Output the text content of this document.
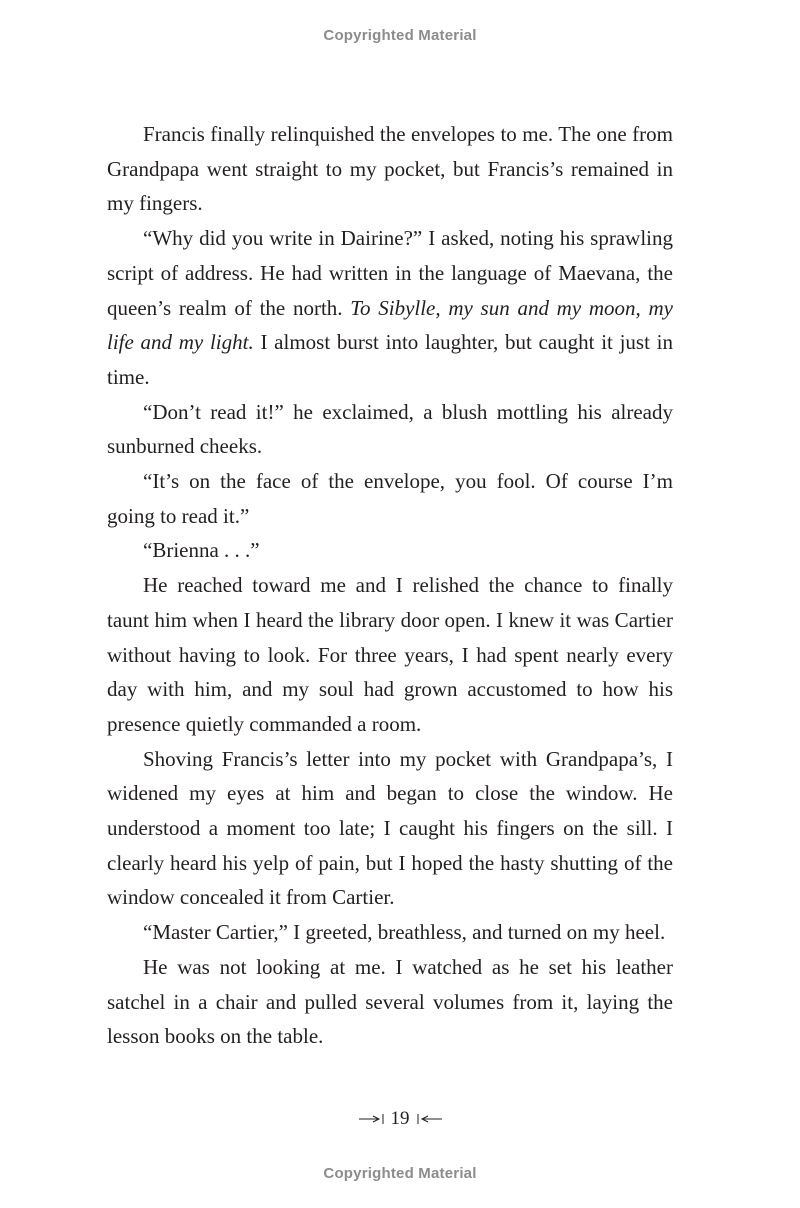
Copyrighted Material

Francis finally relinquished the envelopes to me. The one from Grandpapa went straight to my pocket, but Francis’s remained in my fingers.

“Why did you write in Dairine?” I asked, noting his sprawling script of address. He had written in the language of Maevana, the queen’s realm of the north. To Sibylle, my sun and my moon, my life and my light. I almost burst into laughter, but caught it just in time.

“Don’t read it!” he exclaimed, a blush mottling his already sunburned cheeks.

“It’s on the face of the envelope, you fool. Of course I’m going to read it.”

“Brienna . . .”

He reached toward me and I relished the chance to finally taunt him when I heard the library door open. I knew it was Cartier without having to look. For three years, I had spent nearly every day with him, and my soul had grown accustomed to how his presence quietly commanded a room.

Shoving Francis’s letter into my pocket with Grandpapa’s, I widened my eyes at him and began to close the window. He understood a moment too late; I caught his fingers on the sill. I clearly heard his yelp of pain, but I hoped the hasty shutting of the window concealed it from Cartier.

“Master Cartier,” I greeted, breathless, and turned on my heel.

He was not looking at me. I watched as he set his leather satchel in a chair and pulled several volumes from it, laying the lesson books on the table.

19
Copyrighted Material
